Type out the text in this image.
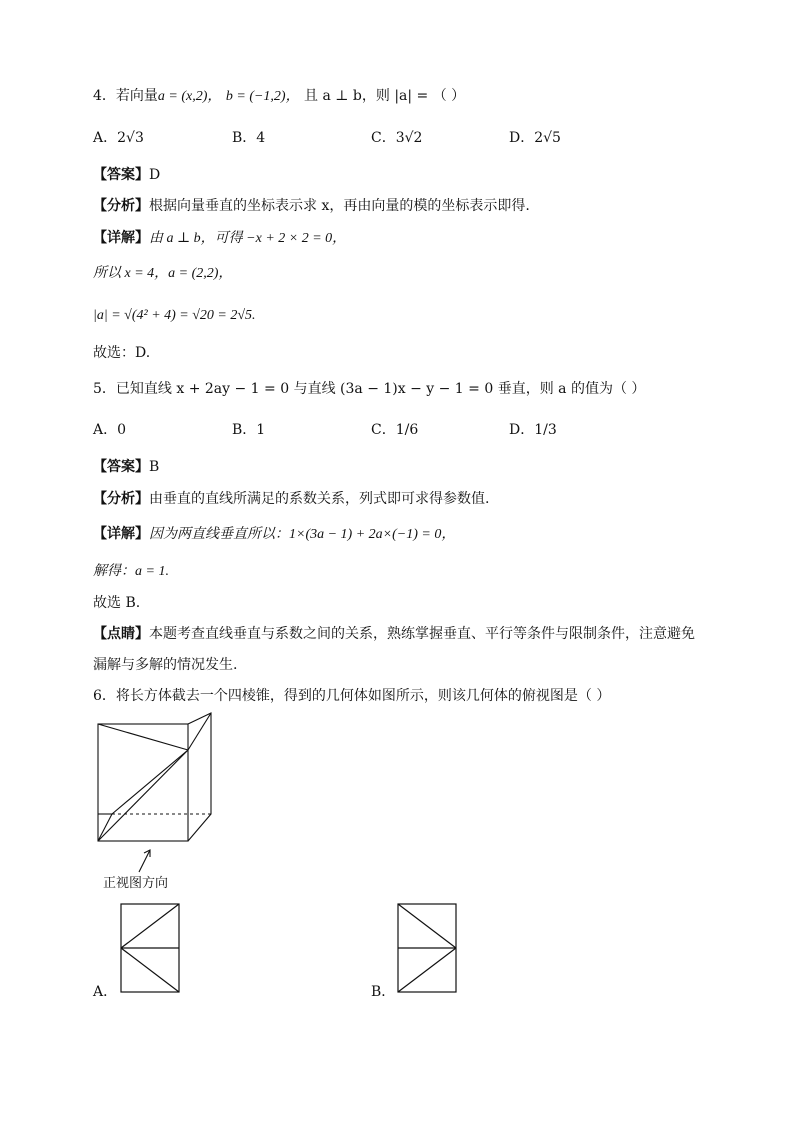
4．若向量a = (x,2)， b = (−1,2)， 且 a ⊥ b，则 |a| = （ ）
A．2√3	B．4	C．3√2	D．2√5
【答案】D
【分析】根据向量垂直的坐标表示求 x，再由向量的模的坐标表示即得.
【详解】由 a ⊥ b，可得 −x + 2 × 2 = 0，
所以 x = 4，a = (2,2)，
|a| = √(4² + 4) = √20 = 2√5.
故选：D.
5．已知直线 x + 2ay − 1 = 0 与直线 (3a − 1)x − y − 1 = 0 垂直，则 a 的值为（ ）
A．0	B．1	C．1/6	D．1/3
【答案】B
【分析】由垂直的直线所满足的系数关系，列式即可求得参数值.
【详解】因为两直线垂直所以：1×(3a − 1) + 2a×(−1) = 0，
解得：a = 1.
故选 B.
【点睛】本题考查直线垂直与系数之间的关系，熟练掌握垂直、平行等条件与限制条件，注意避免
漏解与多解的情况发生.
6．将长方体截去一个四棱锥，得到的几何体如图所示，则该几何体的俯视图是（ ）
正视图方向
A．	B．
